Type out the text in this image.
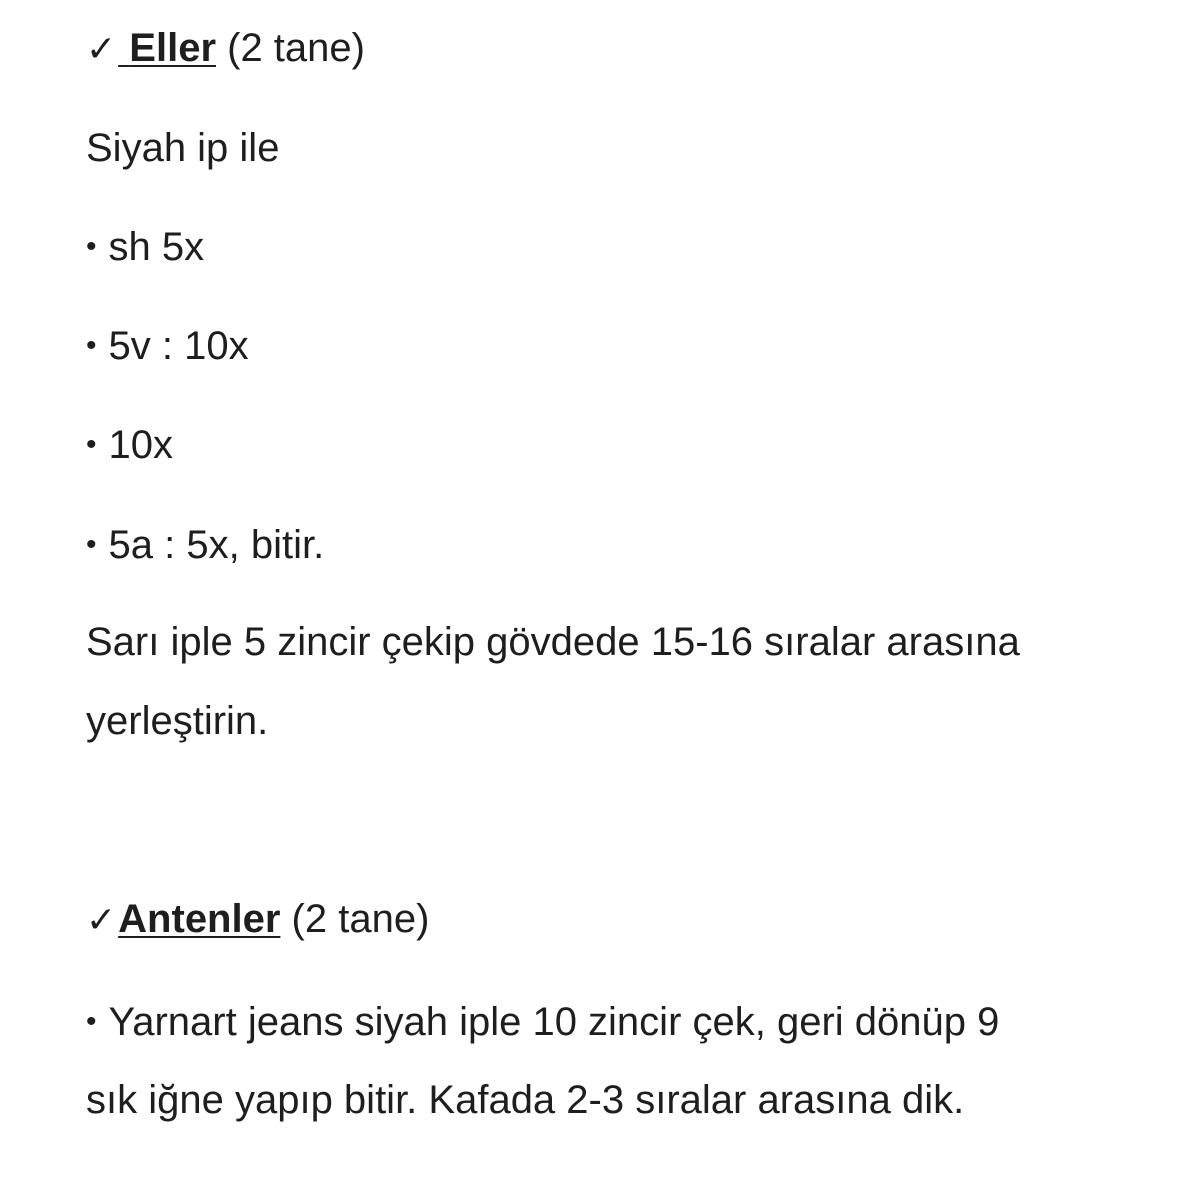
✓ Eller (2 tane)
Siyah ip ile
• sh 5x
• 5v : 10x
• 10x
• 5a : 5x, bitir.
Sarı iple 5 zincir çekip gövdede 15-16 sıralar arasına
yerleştirin.
✓Antenler (2 tane)
• Yarnart jeans siyah iple 10 zincir çek, geri dönüp 9
sık iğne yapıp bitir. Kafada 2-3 sıralar arasına dik.
